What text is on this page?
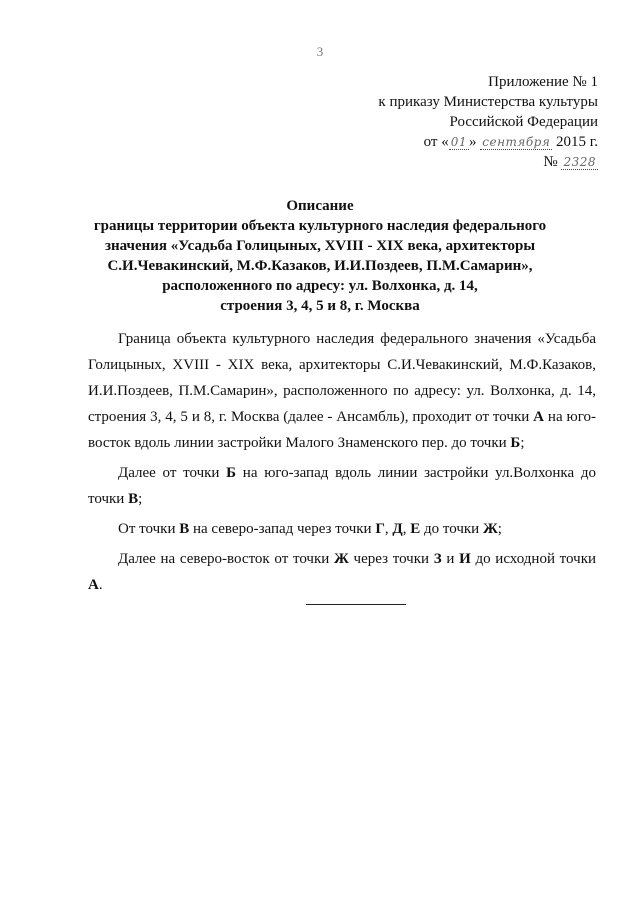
3
Приложение № 1
к приказу Министерства культуры
Российской Федерации
от « 01 » сентября 2015 г.
№ 2328
Описание
границы территории объекта культурного наследия федерального
значения «Усадьба Голицыных, XVIII - XIX века, архитекторы
С.И.Чевакинский, М.Ф.Казаков, И.И.Поздеев, П.М.Самарин»,
расположенного по адресу: ул. Волхонка, д. 14,
строения 3, 4, 5 и 8, г. Москва

Граница объекта культурного наследия федерального значения «Усадьба Голицыных, XVIII - XIX века, архитекторы С.И.Чевакинский, М.Ф.Казаков, И.И.Поздеев, П.М.Самарин», расположенного по адресу: ул. Волхонка, д. 14, строения 3, 4, 5 и 8, г. Москва (далее - Ансамбль), проходит от точки А на юго-восток вдоль линии застройки Малого Знаменского пер. до точки Б;

Далее от точки Б на юго-запад вдоль линии застройки ул.Волхонка до точки В;

От точки В на северо-запад через точки Г, Д, Е до точки Ж;

Далее на северо-восток от точки Ж через точки З и И до исходной точки А.
